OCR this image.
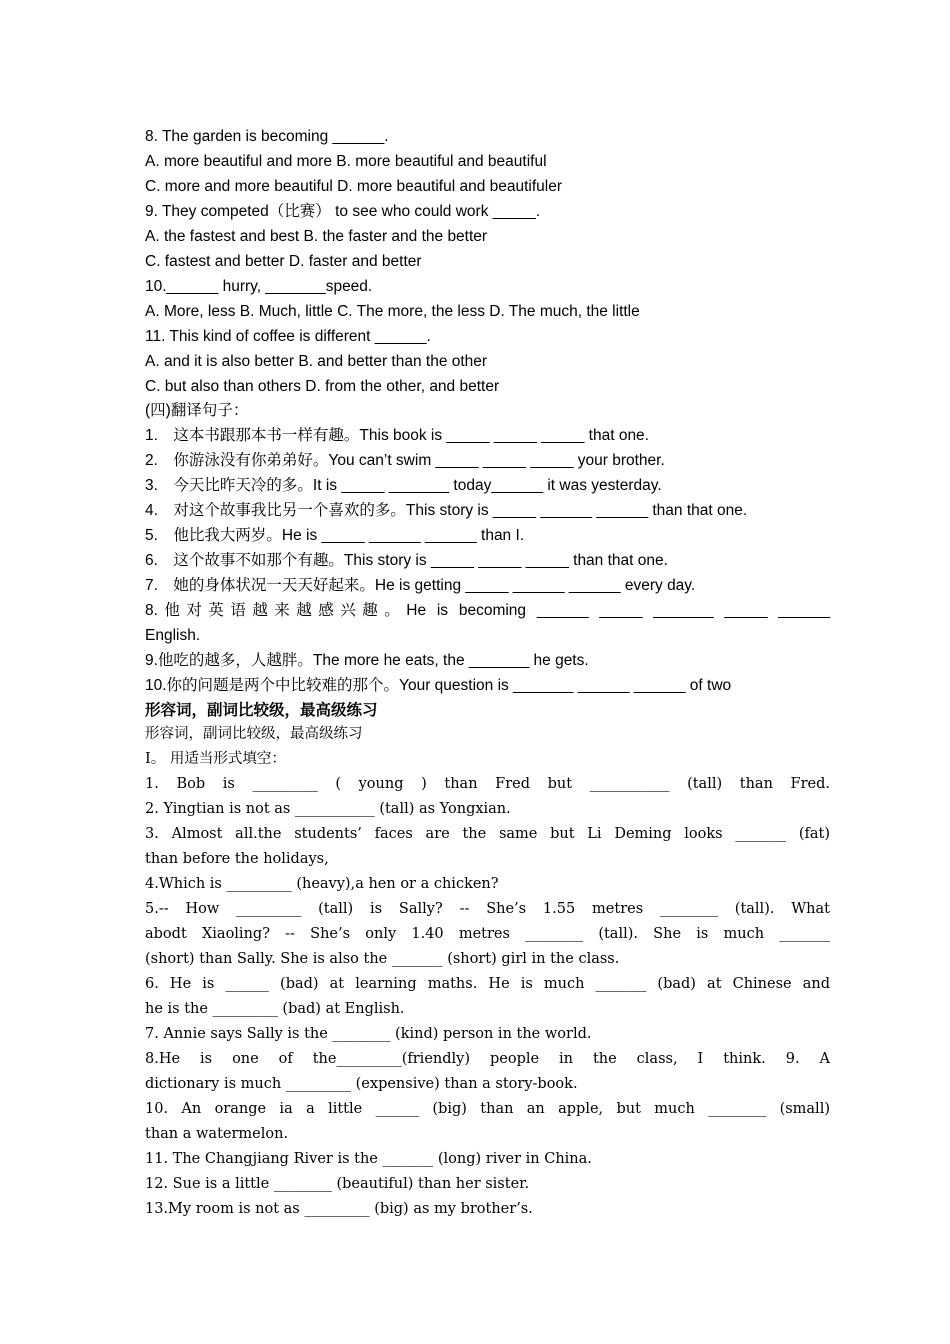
8. The garden is becoming ______.
A. more beautiful and more B. more beautiful and beautiful
C. more and more beautiful D. more beautiful and beautifuler
9. They competed（比赛） to see who could work _____.
A. the fastest and best B. the faster and the better
C. fastest and better D. faster and better
10.______ hurry, _______speed.
A. More, less B. Much, little C. The more, the less D. The much, the little
11. This kind of coffee is different ______.
A. and it is also better B. and better than the other
C. but also than others D. from the other, and better
(四)翻译句子：
1.　这本书跟那本书一样有趣。This book is _____ _____ _____ that one.
2.　你游泳没有你弟弟好。You can’t swim _____ _____ _____ your brother.
3.　今天比昨天冷的多。It is _____ _______ today______ it was yesterday.
4.　对这个故事我比另一个喜欢的多。This story is _____ ______ ______ than that one.
5.　他比我大两岁。He is _____ ______ ______ than I.
6.　这个故事不如那个有趣。This story is _____ _____ _____ than that one.
7.　她的身体状况一天天好起来。He is getting _____ ______ ______ every day.
8.他对英语越来越感兴趣。He is becoming ______ _____ _______ _____ ______
English.
9.他吃的越多，人越胖。The more he eats, the _______ he gets.
10.你的问题是两个中比较难的那个。Your question is _______ ______ ______ of two
形容词，副词比较级，最高级练习
形容词，副词比较级，最高级练习
I。 用适当形式填空：
1. Bob is _________ ( young ) than Fred but ___________ (tall) than Fred.
2. Yingtian is not as ___________ (tall) as Yongxian.
3. Almost all.the students’ faces are the same but Li Deming looks _______ (fat)
than before the holidays,
4.Which is _________ (heavy),a hen or a chicken?
5.-- How _________ (tall) is Sally? -- She’s 1.55 metres ________ (tall). What
abodt Xiaoling? -- She’s only 1.40 metres ________ (tall). She is much _______
(short) than Sally. She is also the _______ (short) girl in the class.
6. He is ______ (bad) at learning maths. He is much _______ (bad) at Chinese and
he is the _________ (bad) at English.
7. Annie says Sally is the ________ (kind) person in the world.
8.He is one of the_________(friendly) people in the class, I think. 9. A
dictionary is much _________ (expensive) than a story-book.
10. An orange ia a little ______ (big) than an apple, but much ________ (small)
than a watermelon.
11. The Changjiang River is the _______ (long) river in China.
12. Sue is a little ________ (beautiful) than her sister.
13.My room is not as _________ (big) as my brother’s.
